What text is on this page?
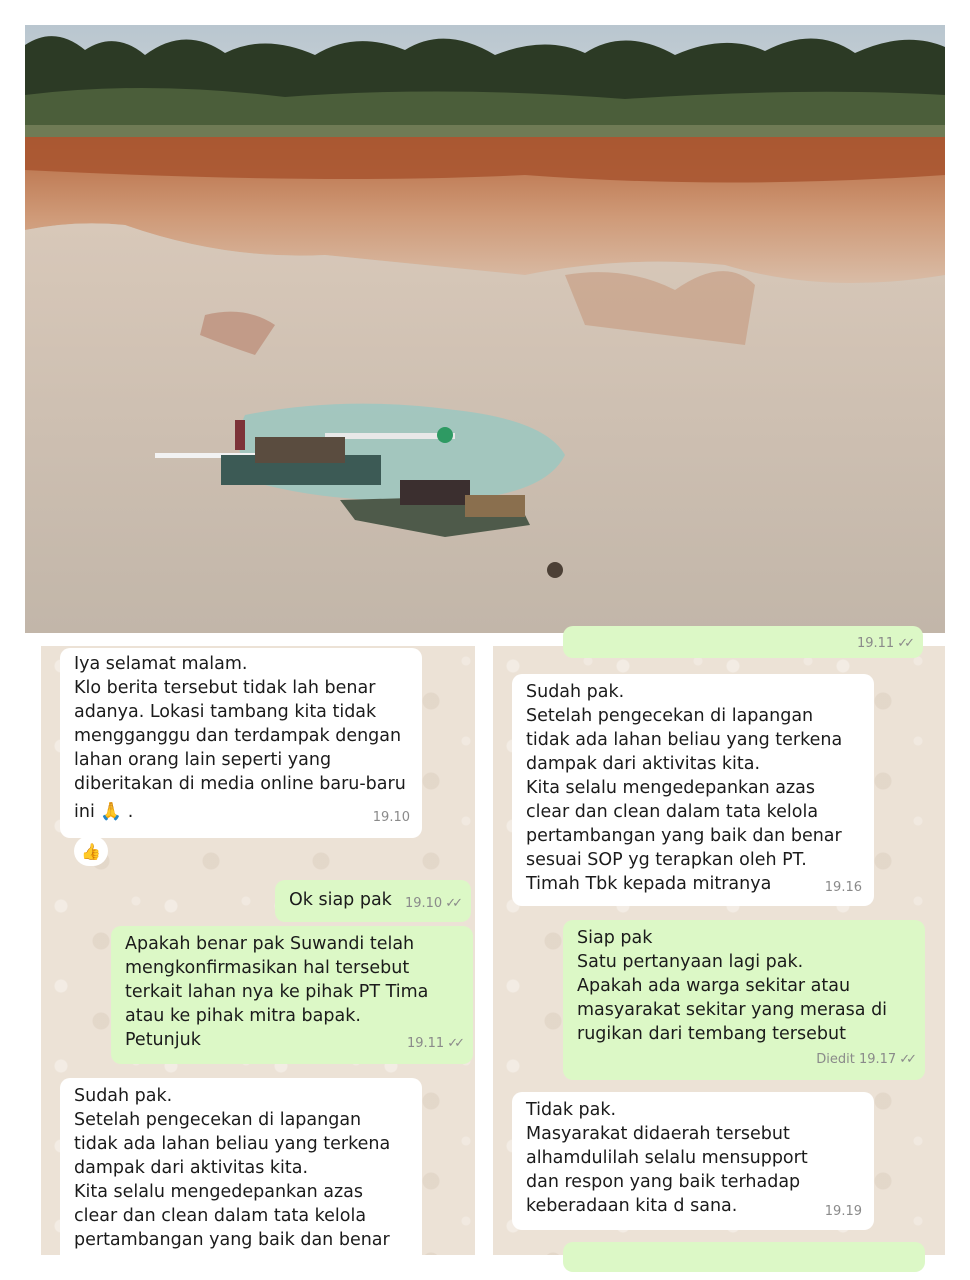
Iya selamat malam.
Klo berita tersebut tidak lah benar
adanya. Lokasi tambang kita tidak
mengganggu dan terdampak dengan
lahan orang lain seperti yang
diberitakan di media online baru-baru
ini 🙏 .	19.10
👍
Ok siap pak	19.10 ✓✓
Apakah benar pak Suwandi telah
mengkonfirmasikan hal tersebut
terkait lahan nya ke pihak PT Tima
atau ke pihak mitra bapak.
Petunjuk	19.11 ✓✓
Sudah pak.
Setelah pengecekan di lapangan
tidak ada lahan beliau yang terkena
dampak dari aktivitas kita.
Kita selalu mengedepankan azas
clear dan clean dalam tata kelola
pertambangan yang baik dan benar
19.11 ✓✓
Sudah pak.
Setelah pengecekan di lapangan
tidak ada lahan beliau yang terkena
dampak dari aktivitas kita.
Kita selalu mengedepankan azas
clear dan clean dalam tata kelola
pertambangan yang baik dan benar
sesuai SOP yg terapkan oleh PT.
Timah Tbk kepada mitranya	19.16
Siap pak
Satu pertanyaan lagi pak.
Apakah ada warga sekitar atau
masyarakat sekitar yang merasa di
rugikan dari tembang tersebut
Diedit 19.17 ✓✓
Tidak pak.
Masyarakat didaerah tersebut
alhamdulilah selalu mensupport
dan respon yang baik terhadap
keberadaan kita d sana.	19.19
